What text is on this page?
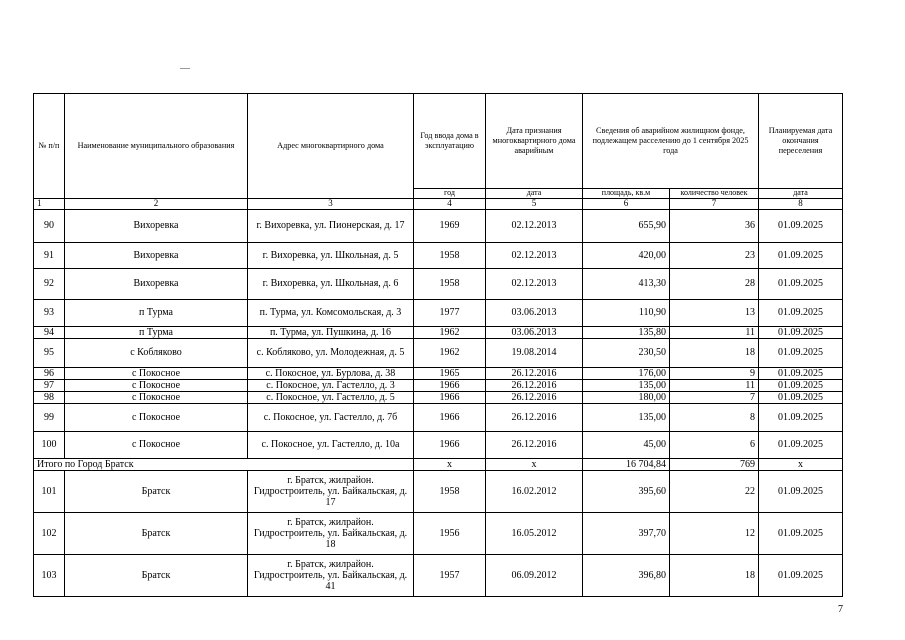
№ п/п	Наименование муниципального образования	Адрес многоквартирного дома	Год ввода дома в эксплуатацию	Дата признания многоквартирного дома аварийным	Сведения об аварийном жилищном фонде, подлежащем расселению до 1 сентября 2025 года		Планируемая дата окончания переселения
			год	дата	площадь, кв.м	количество человек	дата
1	2	3	4	5	6	7	8
90	Вихоревка	г. Вихоревка, ул. Пионерская, д. 17	1969	02.12.2013	655,90	36	01.09.2025
91	Вихоревка	г. Вихоревка, ул. Школьная, д. 5	1958	02.12.2013	420,00	23	01.09.2025
92	Вихоревка	г. Вихоревка, ул. Школьная, д. 6	1958	02.12.2013	413,30	28	01.09.2025
93	п Турма	п. Турма, ул. Комсомольская, д. 3	1977	03.06.2013	110,90	13	01.09.2025
94	п Турма	п. Турма, ул. Пушкина, д. 16	1962	03.06.2013	135,80	11	01.09.2025
95	с Кобляково	с. Кобляково, ул. Молодежная, д. 5	1962	19.08.2014	230,50	18	01.09.2025
96	с Покосное	с. Покосное, ул. Бурлова, д. 38	1965	26.12.2016	176,00	9	01.09.2025
97	с Покосное	с. Покосное, ул. Гастелло, д. 3	1966	26.12.2016	135,00	11	01.09.2025
98	с Покосное	с. Покосное, ул. Гастелло, д. 5	1966	26.12.2016	180,00	7	01.09.2025
99	с Покосное	с. Покосное, ул. Гастелло, д. 7б	1966	26.12.2016	135,00	8	01.09.2025
100	с Покосное	с. Покосное, ул. Гастелло, д. 10а	1966	26.12.2016	45,00	6	01.09.2025
Итого по Город Братск			x	x	16 704,84	769	x
101	Братск	г. Братск, жилрайон. Гидростроитель, ул. Байкальская, д. 17	1958	16.02.2012	395,60	22	01.09.2025
102	Братск	г. Братск, жилрайон. Гидростроитель, ул. Байкальская, д. 18	1956	16.05.2012	397,70	12	01.09.2025
103	Братск	г. Братск, жилрайон. Гидростроитель, ул. Байкальская, д. 41	1957	06.09.2012	396,80	18	01.09.2025
7
